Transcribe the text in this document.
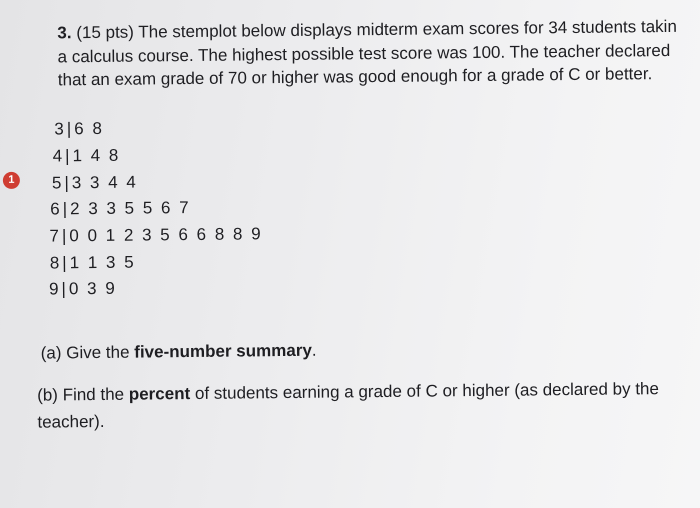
3. (15 pts) The stemplot below displays midterm exam scores for 34 students takin
a calculus course. The highest possible test score was 100. The teacher declared
that an exam grade of 70 or higher was good enough for a grade of C or better.
1
3|6 8
4|1 4 8
5|3 3 4 4
6|2 3 3 5 5 6 7
7|0 0 1 2 3 5 6 6 8 8 9
8|1 1 3 5
9|0 3 9
(a) Give the five-number summary.
(b) Find the percent of students earning a grade of C or higher (as declared by the
teacher).
